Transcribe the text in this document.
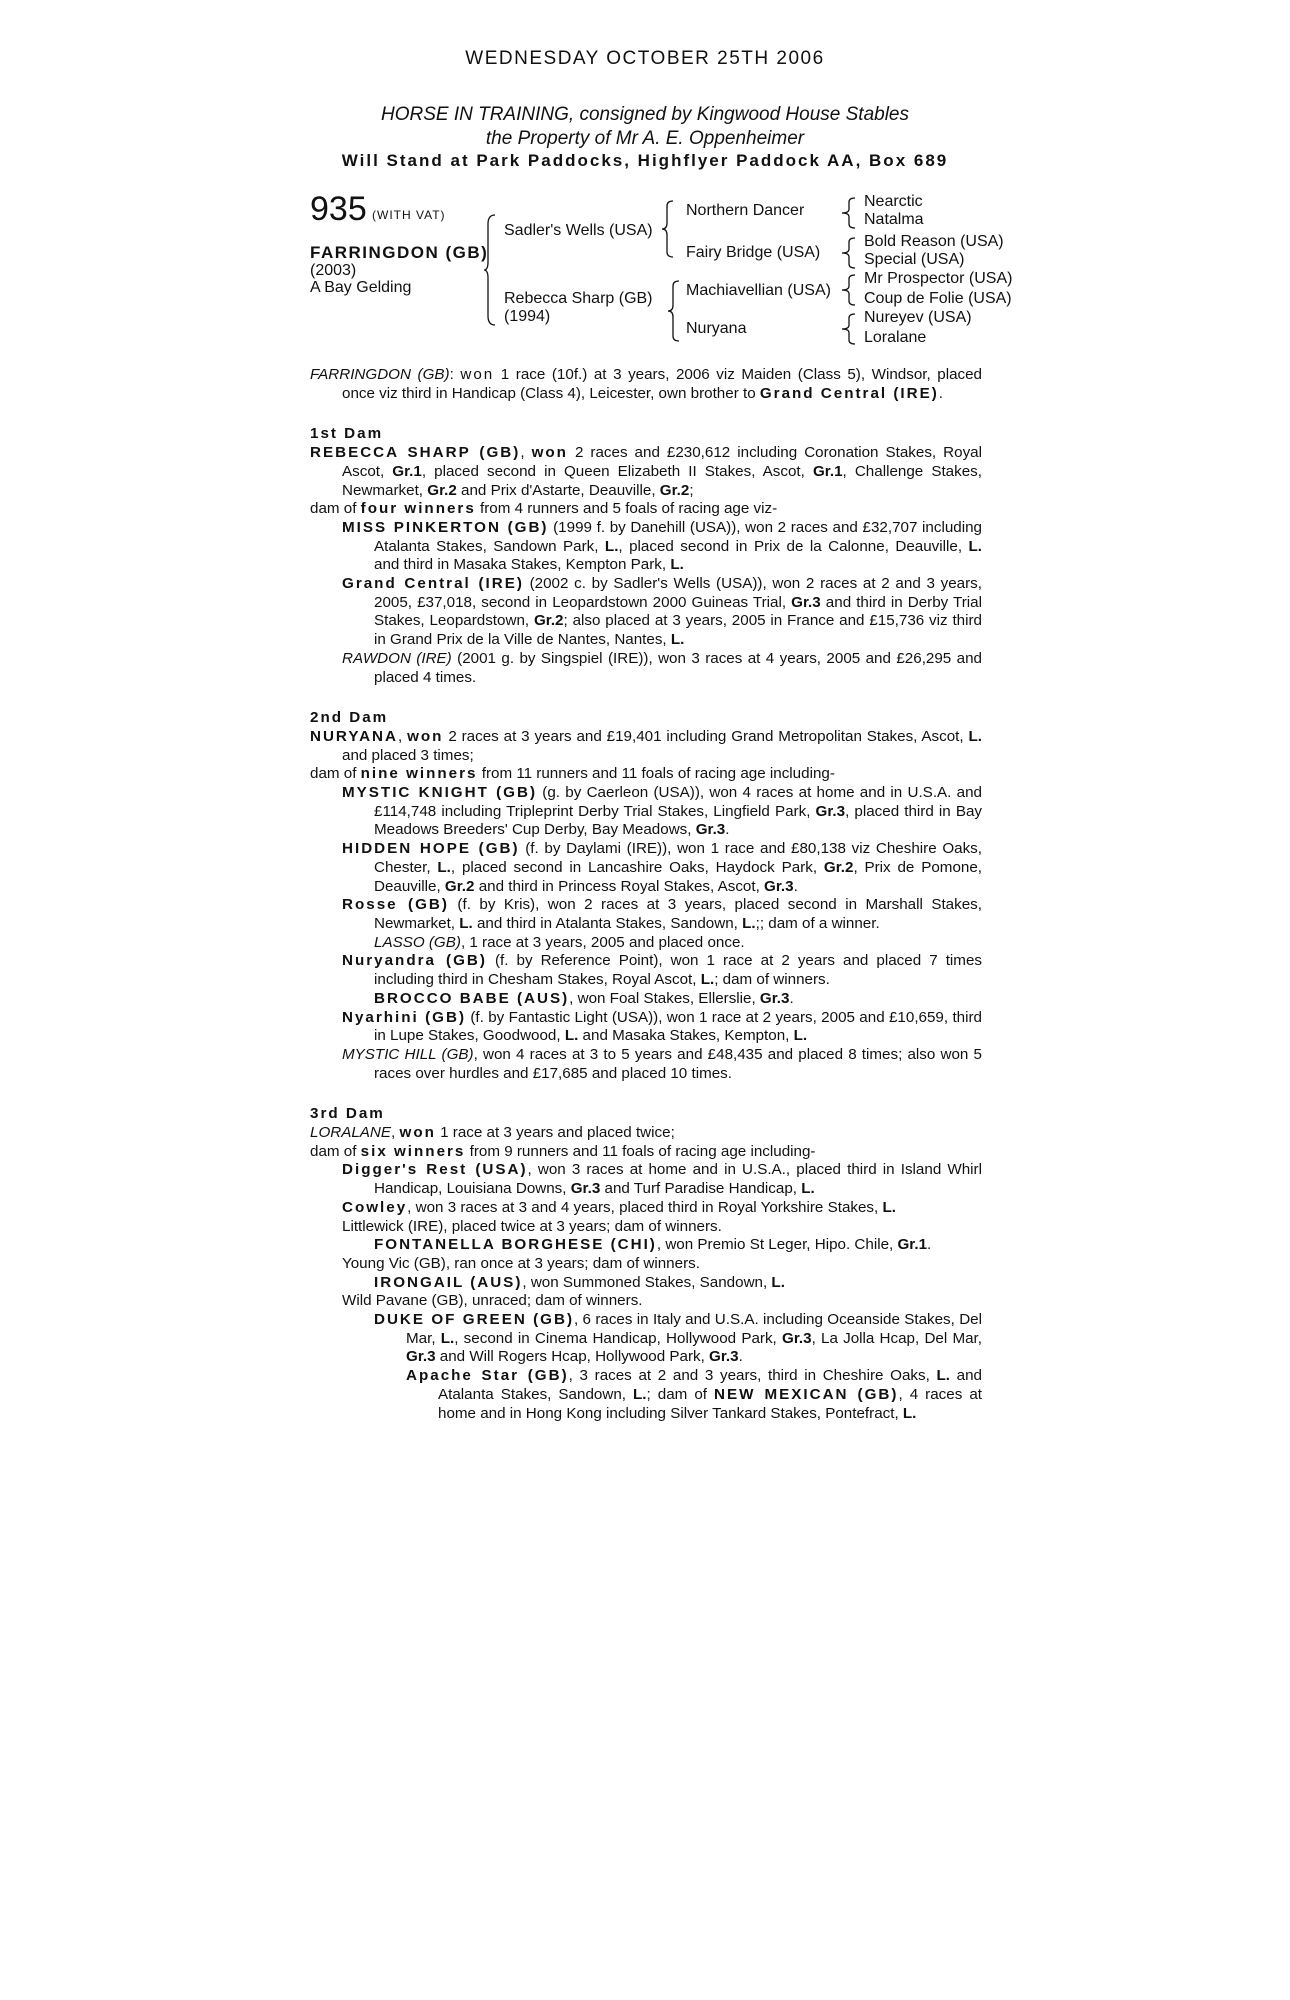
WEDNESDAY OCTOBER 25TH 2006
HORSE IN TRAINING, consigned by Kingwood House Stables
the Property of Mr A. E. Oppenheimer
Will Stand at Park Paddocks, Highflyer Paddock AA, Box 689
935 (WITH VAT)
FARRINGDON (GB)
(2003)
A Bay Gelding
Sadler's Wells (USA)
Rebecca Sharp (GB)
(1994)
Northern Dancer
Fairy Bridge (USA)
Machiavellian (USA)
Nuryana
Nearctic
Natalma
Bold Reason (USA)
Special (USA)
Mr Prospector (USA)
Coup de Folie (USA)
Nureyev (USA)
Loralane

FARRINGDON (GB): won 1 race (10f.) at 3 years, 2006 viz Maiden (Class 5), Windsor, placed once viz third in Handicap (Class 4), Leicester, own brother to Grand Central (IRE).

1st Dam

REBECCA SHARP (GB), won 2 races and £230,612 including Coronation Stakes, Royal Ascot, Gr.1, placed second in Queen Elizabeth II Stakes, Ascot, Gr.1, Challenge Stakes, Newmarket, Gr.2 and Prix d'Astarte, Deauville, Gr.2;

dam of four winners from 4 runners and 5 foals of racing age viz-

MISS PINKERTON (GB) (1999 f. by Danehill (USA)), won 2 races and £32,707 including Atalanta Stakes, Sandown Park, L., placed second in Prix de la Calonne, Deauville, L. and third in Masaka Stakes, Kempton Park, L.

Grand Central (IRE) (2002 c. by Sadler's Wells (USA)), won 2 races at 2 and 3 years, 2005, £37,018, second in Leopardstown 2000 Guineas Trial, Gr.3 and third in Derby Trial Stakes, Leopardstown, Gr.2; also placed at 3 years, 2005 in France and £15,736 viz third in Grand Prix de la Ville de Nantes, Nantes, L.

RAWDON (IRE) (2001 g. by Singspiel (IRE)), won 3 races at 4 years, 2005 and £26,295 and placed 4 times.

2nd Dam

NURYANA, won 2 races at 3 years and £19,401 including Grand Metropolitan Stakes, Ascot, L. and placed 3 times;

dam of nine winners from 11 runners and 11 foals of racing age including-

MYSTIC KNIGHT (GB) (g. by Caerleon (USA)), won 4 races at home and in U.S.A. and £114,748 including Tripleprint Derby Trial Stakes, Lingfield Park, Gr.3, placed third in Bay Meadows Breeders' Cup Derby, Bay Meadows, Gr.3.

HIDDEN HOPE (GB) (f. by Daylami (IRE)), won 1 race and £80,138 viz Cheshire Oaks, Chester, L., placed second in Lancashire Oaks, Haydock Park, Gr.2, Prix de Pomone, Deauville, Gr.2 and third in Princess Royal Stakes, Ascot, Gr.3.

Rosse (GB) (f. by Kris), won 2 races at 3 years, placed second in Marshall Stakes, Newmarket, L. and third in Atalanta Stakes, Sandown, L.;; dam of a winner.

LASSO (GB), 1 race at 3 years, 2005 and placed once.

Nuryandra (GB) (f. by Reference Point), won 1 race at 2 years and placed 7 times including third in Chesham Stakes, Royal Ascot, L.; dam of winners.

BROCCO BABE (AUS), won Foal Stakes, Ellerslie, Gr.3.

Nyarhini (GB) (f. by Fantastic Light (USA)), won 1 race at 2 years, 2005 and £10,659, third in Lupe Stakes, Goodwood, L. and Masaka Stakes, Kempton, L.

MYSTIC HILL (GB), won 4 races at 3 to 5 years and £48,435 and placed 8 times; also won 5 races over hurdles and £17,685 and placed 10 times.

3rd Dam

LORALANE, won 1 race at 3 years and placed twice;

dam of six winners from 9 runners and 11 foals of racing age including-

Digger's Rest (USA), won 3 races at home and in U.S.A., placed third in Island Whirl Handicap, Louisiana Downs, Gr.3 and Turf Paradise Handicap, L.

Cowley, won 3 races at 3 and 4 years, placed third in Royal Yorkshire Stakes, L.

Littlewick (IRE), placed twice at 3 years; dam of winners.

FONTANELLA BORGHESE (CHI), won Premio St Leger, Hipo. Chile, Gr.1.

Young Vic (GB), ran once at 3 years; dam of winners.

IRONGAIL (AUS), won Summoned Stakes, Sandown, L.

Wild Pavane (GB), unraced; dam of winners.

DUKE OF GREEN (GB), 6 races in Italy and U.S.A. including Oceanside Stakes, Del Mar, L., second in Cinema Handicap, Hollywood Park, Gr.3, La Jolla Hcap, Del Mar, Gr.3 and Will Rogers Hcap, Hollywood Park, Gr.3.

Apache Star (GB), 3 races at 2 and 3 years, third in Cheshire Oaks, L. and Atalanta Stakes, Sandown, L.; dam of NEW MEXICAN (GB), 4 races at home and in Hong Kong including Silver Tankard Stakes, Pontefract, L.
